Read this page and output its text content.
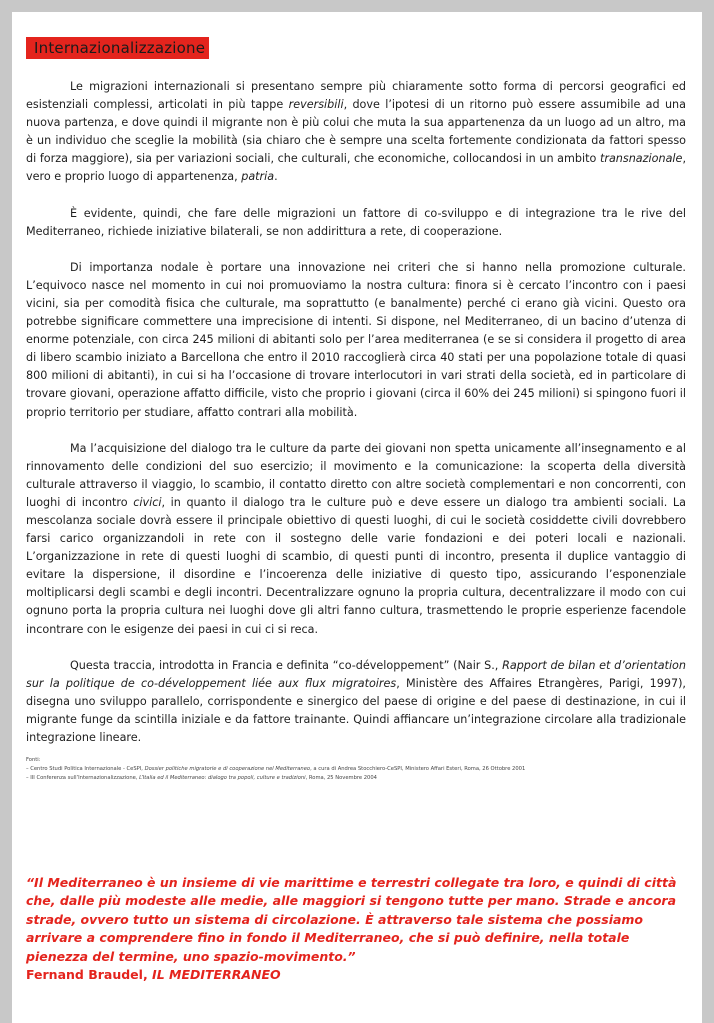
Internazionalizzazione

Le migrazioni internazionali si presentano sempre più chiaramente sotto forma di percorsi geografici ed esistenziali complessi, articolati in più tappe reversibili, dove l’ipotesi di un ritorno può essere assumibile ad una nuova partenza, e dove quindi il migrante non è più colui che muta la sua appartenenza da un luogo ad un altro, ma è un individuo che sceglie la mobilità (sia chiaro che è sempre una scelta fortemente condizionata da fattori spesso di forza maggiore), sia per variazioni sociali, che culturali, che economiche, collocandosi in un ambito transnazionale, vero e proprio luogo di appartenenza, patria.

È evidente, quindi, che fare delle migrazioni un fattore di co-sviluppo e di integrazione tra le rive del Mediterraneo, richiede iniziative bilaterali, se non addirittura a rete, di cooperazione.

Di importanza nodale è portare una innovazione nei criteri che si hanno nella promozione culturale. L’equivoco nasce nel momento in cui noi promuoviamo la nostra cultura: finora si è cercato l’incontro con i paesi vicini, sia per comodità fisica che culturale, ma soprattutto (e banalmente) perché ci erano già vicini. Questo ora potrebbe significare commettere una imprecisione di intenti. Si dispone, nel Mediterraneo, di un bacino d’utenza di enorme potenziale, con circa 245 milioni di abitanti solo per l’area mediterranea (e se si considera il progetto di area di libero scambio iniziato a Barcellona che entro il 2010 raccoglierà circa 40 stati per una popolazione totale di quasi 800 milioni di abitanti), in cui si ha l’occasione di trovare interlocutori in vari strati della società, ed in particolare di trovare giovani, operazione affatto difficile, visto che proprio i giovani (circa il 60% dei 245 milioni) si spingono fuori il proprio territorio per studiare, affatto contrari alla mobilità.

Ma l’acquisizione del dialogo tra le culture da parte dei giovani non spetta unicamente all’insegnamento e al rinnovamento delle condizioni del suo esercizio; il movimento e la comunicazione: la scoperta della diversità culturale attraverso il viaggio, lo scambio, il contatto diretto con altre società complementari e non concorrenti, con luoghi di incontro civici, in quanto il dialogo tra le culture può e deve essere un dialogo tra ambienti sociali. La mescolanza sociale dovrà essere il principale obiettivo di questi luoghi, di cui le società cosiddette civili dovrebbero farsi carico organizzandoli in rete con il sostegno delle varie fondazioni e dei poteri locali e nazionali. L’organizzazione in rete di questi luoghi di scambio, di questi punti di incontro, presenta il duplice vantaggio di evitare la dispersione, il disordine e l’incoerenza delle iniziative di questo tipo, assicurando l’esponenziale moltiplicarsi degli scambi e degli incontri. Decentralizzare ognuno la propria cultura, decentralizzare il modo con cui ognuno porta la propria cultura nei luoghi dove gli altri fanno cultura, trasmettendo le proprie esperienze facendole incontrare con le esigenze dei paesi in cui ci si reca.

Questa traccia, introdotta in Francia e definita “co-développement” (Nair S., Rapport de bilan et d’orientation sur la politique de co-développement liée aux flux migratoires, Ministère des Affaires Etrangères, Parigi, 1997), disegna uno sviluppo parallelo, corrispondente e sinergico del paese di origine e del paese di destinazione, in cui il migrante funge da scintilla iniziale e da fattore trainante. Quindi affiancare un’integrazione circolare alla tradizionale integrazione lineare.

Fonti:
– Centro Studi Politica Internazionale - CeSPI, Dossier politiche migratorie e di cooperazione nel Mediterraneo, a cura di Andrea Stocchiero-CeSPI, Ministero Affari Esteri, Roma, 26 Ottobre 2001
– III Conferenza sull’Internazionalizzazione, L’Italia ed il Mediterraneo: dialogo tra popoli, culture e tradizioni, Roma, 25 Novembre 2004
“Il Mediterraneo è un insieme di vie marittime e terrestri collegate tra loro, e quindi di città che, dalle più modeste alle medie, alle maggiori si tengono tutte per mano. Strade e ancora strade, ovvero tutto un sistema di circolazione. È attraverso tale sistema che possiamo arrivare a comprendere fino in fondo il Mediterraneo, che si può definire, nella totale pienezza del termine, uno spazio-movimento.”
Fernand Braudel, IL MEDITERRANEO
